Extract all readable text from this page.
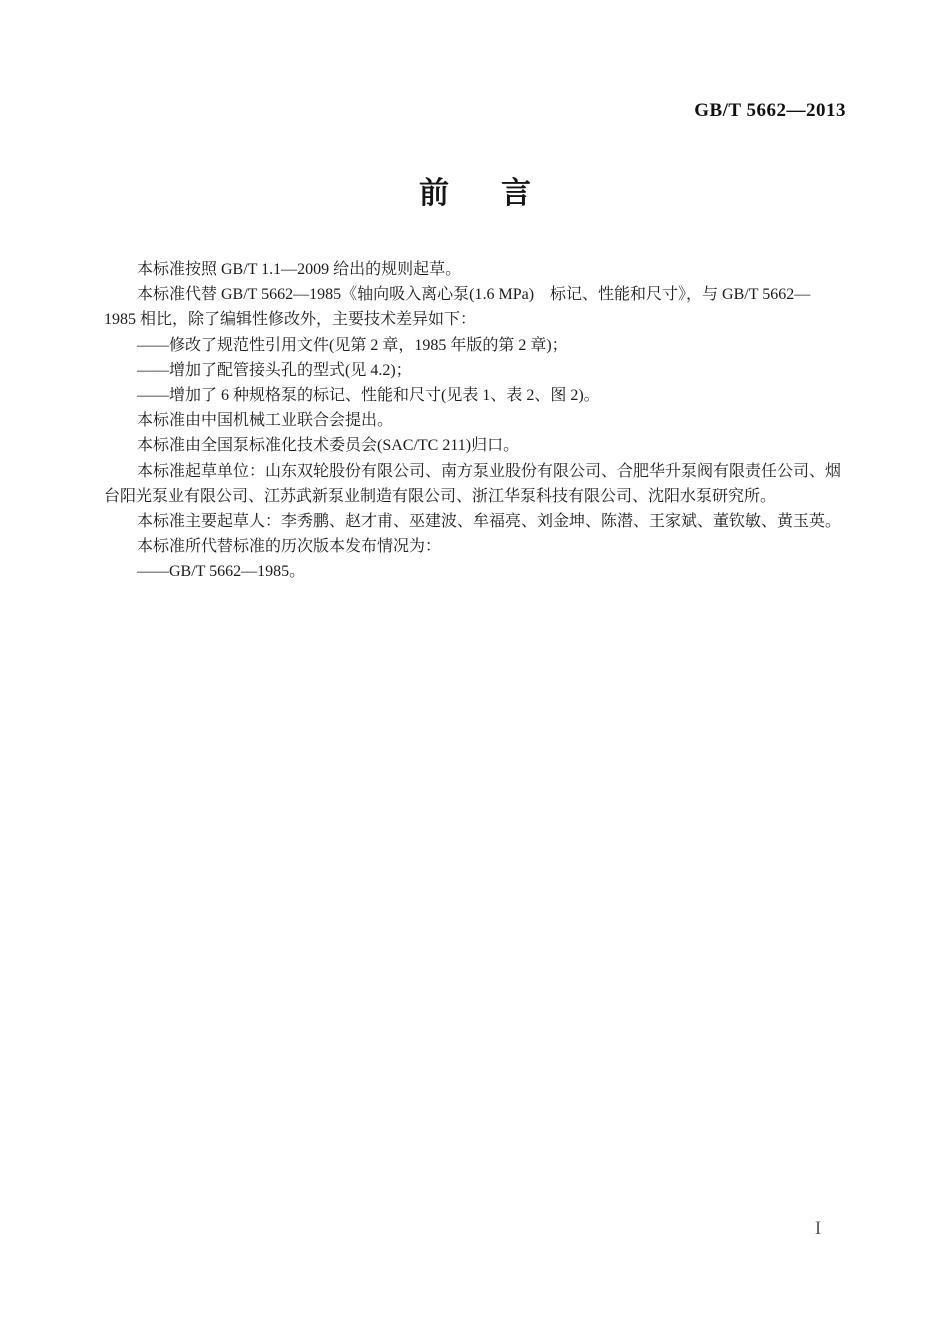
GB/T 5662—2013
前言
本标准按照 GB/T 1.1—2009 给出的规则起草。
本标准代替 GB/T 5662—1985《轴向吸入离心泵(1.6 MPa)　标记、性能和尺寸》，与 GB/T 5662—
1985 相比，除了编辑性修改外，主要技术差异如下：
——修改了规范性引用文件(见第 2 章，1985 年版的第 2 章)；
——增加了配管接头孔的型式(见 4.2)；
——增加了 6 种规格泵的标记、性能和尺寸(见表 1、表 2、图 2)。
本标准由中国机械工业联合会提出。
本标准由全国泵标准化技术委员会(SAC/TC 211)归口。
本标准起草单位：山东双轮股份有限公司、南方泵业股份有限公司、合肥华升泵阀有限责任公司、烟
台阳光泵业有限公司、江苏武新泵业制造有限公司、浙江华泵科技有限公司、沈阳水泵研究所。
本标准主要起草人：李秀鹏、赵才甫、巫建波、牟福亮、刘金坤、陈潜、王家斌、董钦敏、黄玉英。
本标准所代替标准的历次版本发布情况为：
——GB/T 5662—1985。
I
